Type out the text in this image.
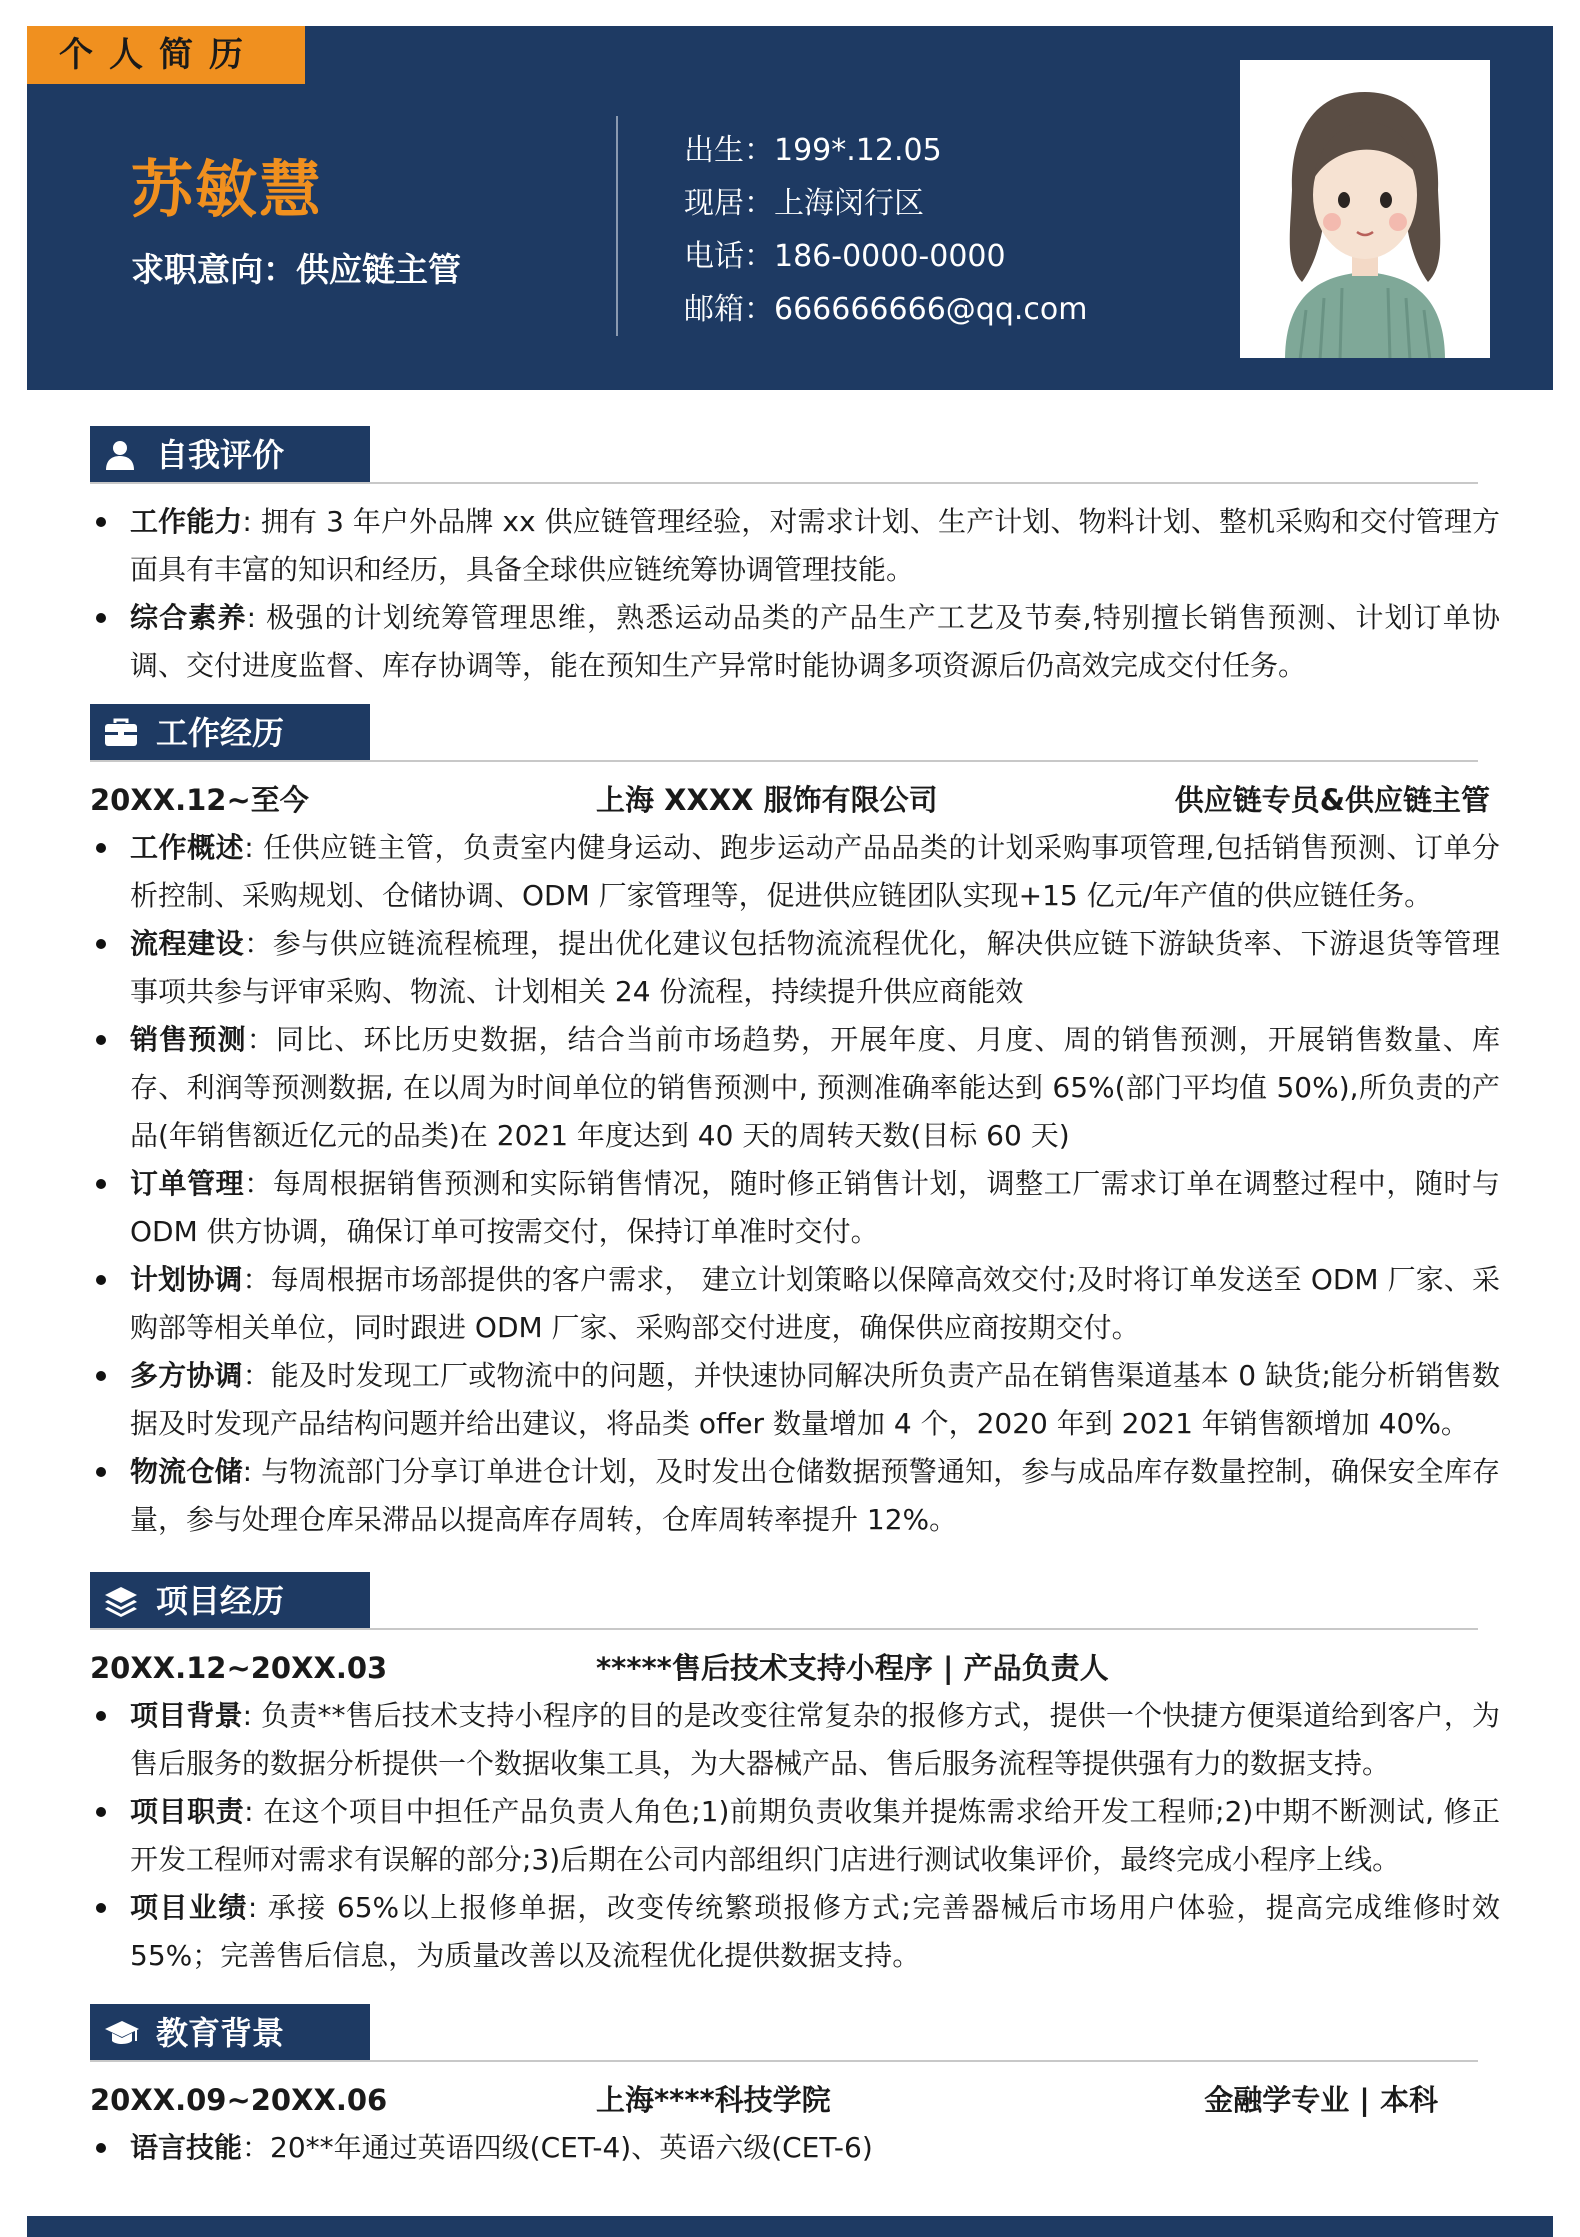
个人简历
苏敏慧
求职意向：供应链主管
出生：199*.12.05
现居：上海闵行区
电话：186-0000-0000
邮箱：666666666@qq.com
自我评价
工作能力: 拥有 3 年户外品牌 xx 供应链管理经验，对需求计划、生产计划、物料计划、整机采购和交付管理方面具有丰富的知识和经历，具备全球供应链统筹协调管理技能。
综合素养: 极强的计划统筹管理思维，熟悉运动品类的产品生产工艺及节奏,特别擅长销售预测、计划订单协调、交付进度监督、库存协调等，能在预知生产异常时能协调多项资源后仍高效完成交付任务。
工作经历
20XX.12~至今	上海 XXXX 服饰有限公司	供应链专员&供应链主管
工作概述: 任供应链主管，负责室内健身运动、跑步运动产品品类的计划采购事项管理,包括销售预测、订单分析控制、采购规划、仓储协调、ODM 厂家管理等，促进供应链团队实现+15 亿元/年产值的供应链任务。
流程建设：参与供应链流程梳理，提出优化建议包括物流流程优化，解决供应链下游缺货率、下游退货等管理事项共参与评审采购、物流、计划相关 24 份流程，持续提升供应商能效
销售预测：同比、环比历史数据，结合当前市场趋势，开展年度、月度、周的销售预测，开展销售数量、库存、利润等预测数据, 在以周为时间单位的销售预测中, 预测准确率能达到 65%(部门平均值 50%),所负责的产品(年销售额近亿元的品类)在 2021 年度达到 40 天的周转天数(目标 60 天)
订单管理：每周根据销售预测和实际销售情况，随时修正销售计划，调整工厂需求订单在调整过程中，随时与 ODM 供方协调，确保订单可按需交付，保持订单准时交付。
计划协调：每周根据市场部提供的客户需求， 建立计划策略以保障高效交付;及时将订单发送至 ODM 厂家、采购部等相关单位，同时跟进 ODM 厂家、采购部交付进度，确保供应商按期交付。
多方协调：能及时发现工厂或物流中的问题，并快速协同解决所负责产品在销售渠道基本 0 缺货;能分析销售数据及时发现产品结构问题并给出建议，将品类 offer 数量增加 4 个，2020 年到 2021 年销售额增加 40%。
物流仓储: 与物流部门分享订单进仓计划，及时发出仓储数据预警通知，参与成品库存数量控制，确保安全库存量，参与处理仓库呆滞品以提高库存周转，仓库周转率提升 12%。
项目经历
20XX.12~20XX.03	*****售后技术支持小程序 | 产品负责人
项目背景: 负责**售后技术支持小程序的目的是改变往常复杂的报修方式，提供一个快捷方便渠道给到客户，为售后服务的数据分析提供一个数据收集工具，为大器械产品、售后服务流程等提供强有力的数据支持。
项目职责: 在这个项目中担任产品负责人角色;1)前期负责收集并提炼需求给开发工程师;2)中期不断测试, 修正开发工程师对需求有误解的部分;3)后期在公司内部组织门店进行测试收集评价，最终完成小程序上线。
项目业绩: 承接 65%以上报修单据，改变传统繁琐报修方式;完善器械后市场用户体验，提高完成维修时效 55%；完善售后信息，为质量改善以及流程优化提供数据支持。
教育背景
20XX.09~20XX.06	上海****科技学院	金融学专业 | 本科
语言技能：20**年通过英语四级(CET-4)、英语六级(CET-6)
